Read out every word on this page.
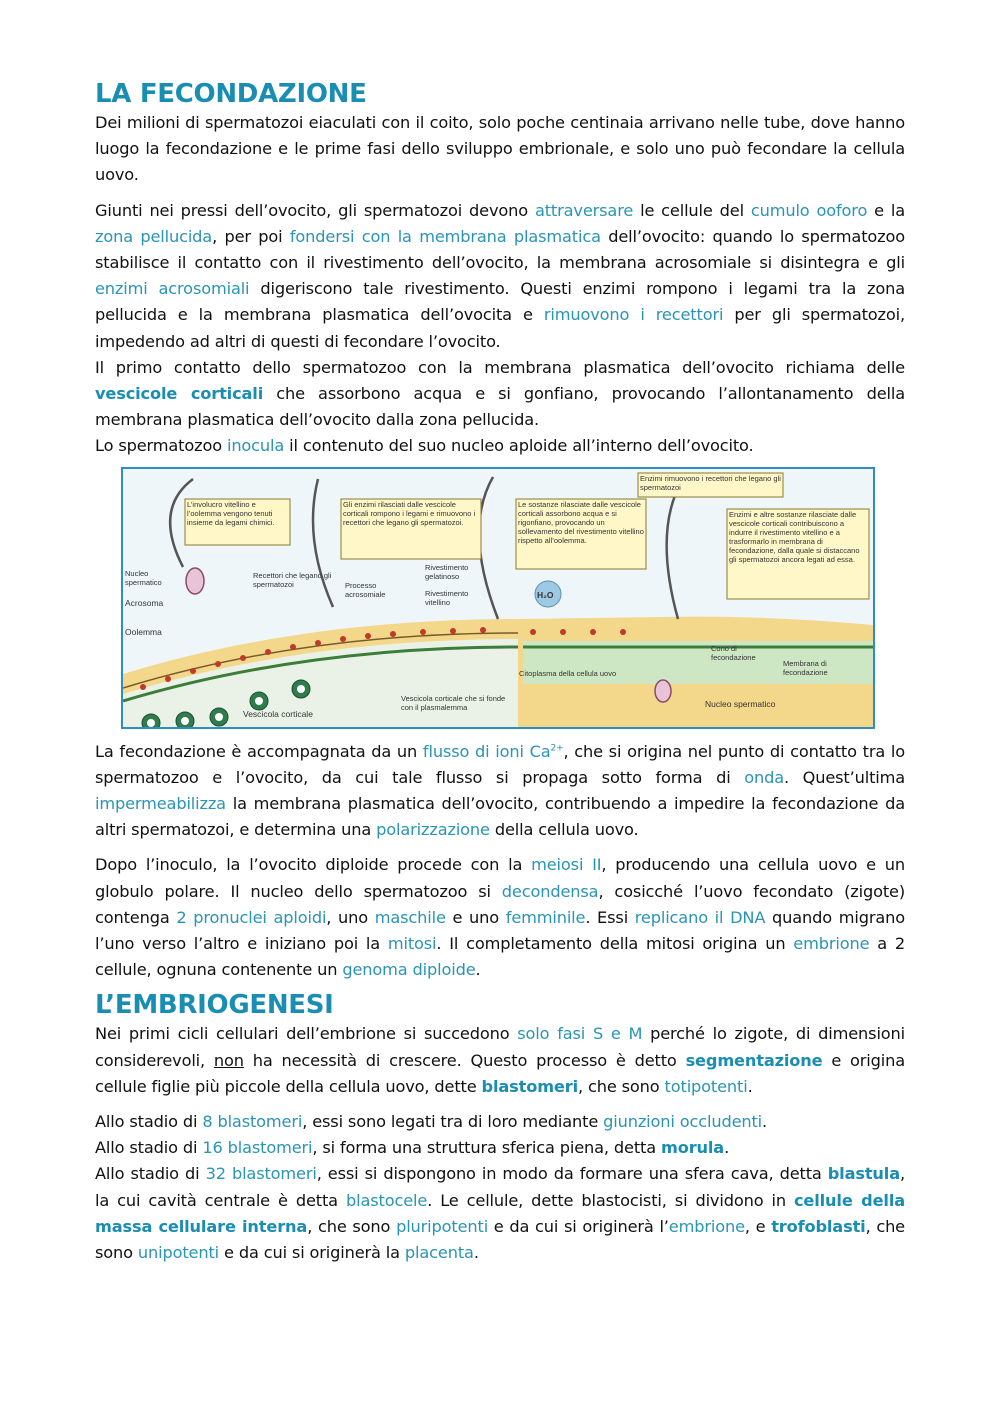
LA FECONDAZIONE

Dei milioni di spermatozoi eiaculati con il coito, solo poche centinaia arrivano nelle tube, dove hanno luogo la fecondazione e le prime fasi dello sviluppo embrionale, e solo uno può fecondare la cellula uovo.

Giunti nei pressi dell’ovocito, gli spermatozoi devono attraversare le cellule del cumulo ooforo e la zona pellucida, per poi fondersi con la membrana plasmatica dell’ovocito: quando lo spermatozoo stabilisce il contatto con il rivestimento dell’ovocito, la membrana acrosomiale si disintegra e gli enzimi acrosomiali digeriscono tale rivestimento. Questi enzimi rompono i legami tra la zona pellucida e la membrana plasmatica dell’ovocita e rimuovono i recettori per gli spermatozoi, impedendo ad altri di questi di fecondare l’ovocito.

Il primo contatto dello spermatozoo con la membrana plasmatica dell’ovocito richiama delle vescicole corticali che assorbono acqua e si gonfiano, provocando l’allontanamento della membrana plasmatica dell’ovocito dalla zona pellucida.

Lo spermatozoo inocula il contenuto del suo nucleo aploide all’interno dell’ovocito.

H₂O
L’involucro vitellino e l’oolemma vengono tenuti insieme da legami chimici.
Gli enzimi rilasciati dalle vescicole corticali rompono i legami e rimuovono i recettori che legano gli spermatozoi.
Le sostanze rilasciate dalle vescicole corticali assorbono acqua e si rigonfiano, provocando un sollevamento del rivestimento vitellino rispetto all’oolemma.
Enzimi rimuovono i recettori che legano gli spermatozoi
Enzimi e altre sostanze rilasciate dalle vescicole corticali contribuiscono a indurre il rivestimento vitellino e a trasformarlo in membrana di fecondazione, dalla quale si distaccano gli spermatozoi ancora legati ad essa.
Nucleo spermatico
Acrosoma
Oolemma
Recettori che legano gli spermatozoi	Processo acrosomiale
Rivestimento gelatinoso
Rivestimento vitellino
Cono di fecondazione
Membrana di fecondazione
Citoplasma della cellula uovo
Vescicola corticale
Vescicola corticale che si fonde con il plasmalemma	Nucleo spermatico

La fecondazione è accompagnata da un flusso di ioni $Ca^{2+}$, che si origina nel punto di contatto tra lo spermatozoo e l’ovocito, da cui tale flusso si propaga sotto forma di onda. Quest’ultima impermeabilizza la membrana plasmatica dell’ovocito, contribuendo a impedire la fecondazione da altri spermatozoi, e determina una polarizzazione della cellula uovo.

Dopo l’inoculo, la l’ovocito diploide procede con la meiosi II, producendo una cellula uovo e un globulo polare. Il nucleo dello spermatozoo si decondensa, cosicché l’uovo fecondato (zigote) contenga 2 pronuclei aploidi, uno maschile e uno femminile. Essi replicano il DNA quando migrano l’uno verso l’altro e iniziano poi la mitosi. Il completamento della mitosi origina un embrione a 2 cellule, ognuna contenente un genoma diploide.

L’EMBRIOGENESI

Nei primi cicli cellulari dell’embrione si succedono solo fasi S e M perché lo zigote, di dimensioni considerevoli, non ha necessità di crescere. Questo processo è detto segmentazione e origina cellule figlie più piccole della cellula uovo, dette blastomeri, che sono totipotenti.

Allo stadio di 8 blastomeri, essi sono legati tra di loro mediante giunzioni occludenti.

Allo stadio di 16 blastomeri, si forma una struttura sferica piena, detta morula.

Allo stadio di 32 blastomeri, essi si dispongono in modo da formare una sfera cava, detta blastula, la cui cavità centrale è detta blastocele. Le cellule, dette blastocisti, si dividono in cellule della massa cellulare interna, che sono pluripotenti e da cui si originerà l’embrione, e trofoblasti, che sono unipotenti e da cui si originerà la placenta.
